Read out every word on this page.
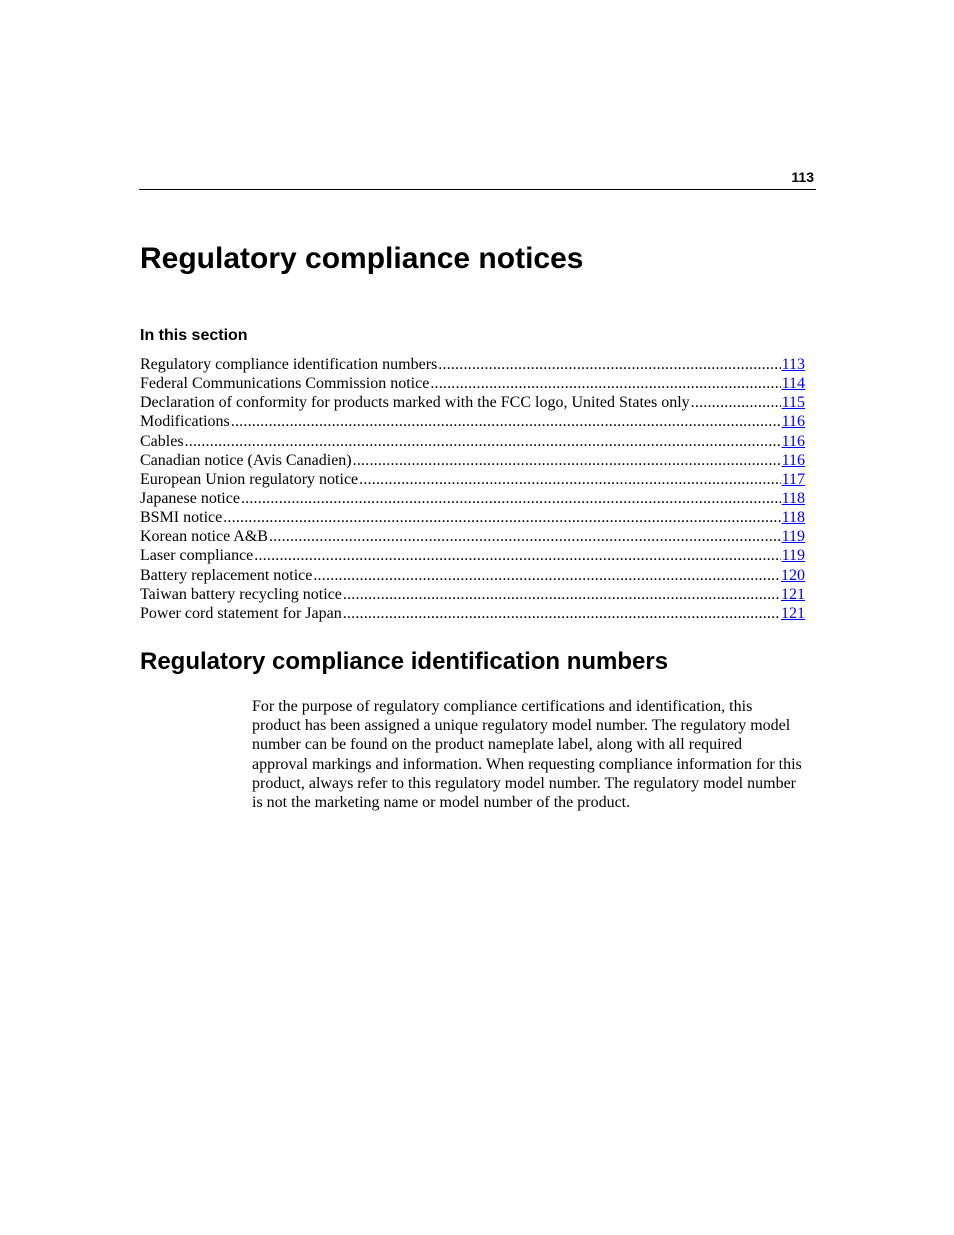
113
Regulatory compliance notices
In this section
Regulatory compliance identification numbers .....	113
Federal Communications Commission notice .....	114
Declaration of conformity for products marked with the FCC logo, United States only .....	115
Modifications .....	116
Cables .....	116
Canadian notice (Avis Canadien) .....	116
European Union regulatory notice .....	117
Japanese notice .....	118
BSMI notice .....	118
Korean notice A&B .....	119
Laser compliance .....	119
Battery replacement notice .....	120
Taiwan battery recycling notice .....	121
Power cord statement for Japan .....	121
Regulatory compliance identification numbers

For the purpose of regulatory compliance certifications and identification, this product has been assigned a unique regulatory model number. The regulatory model number can be found on the product nameplate label, along with all required approval markings and information. When requesting compliance information for this product, always refer to this regulatory model number. The regulatory model number is not the marketing name or model number of the product.
